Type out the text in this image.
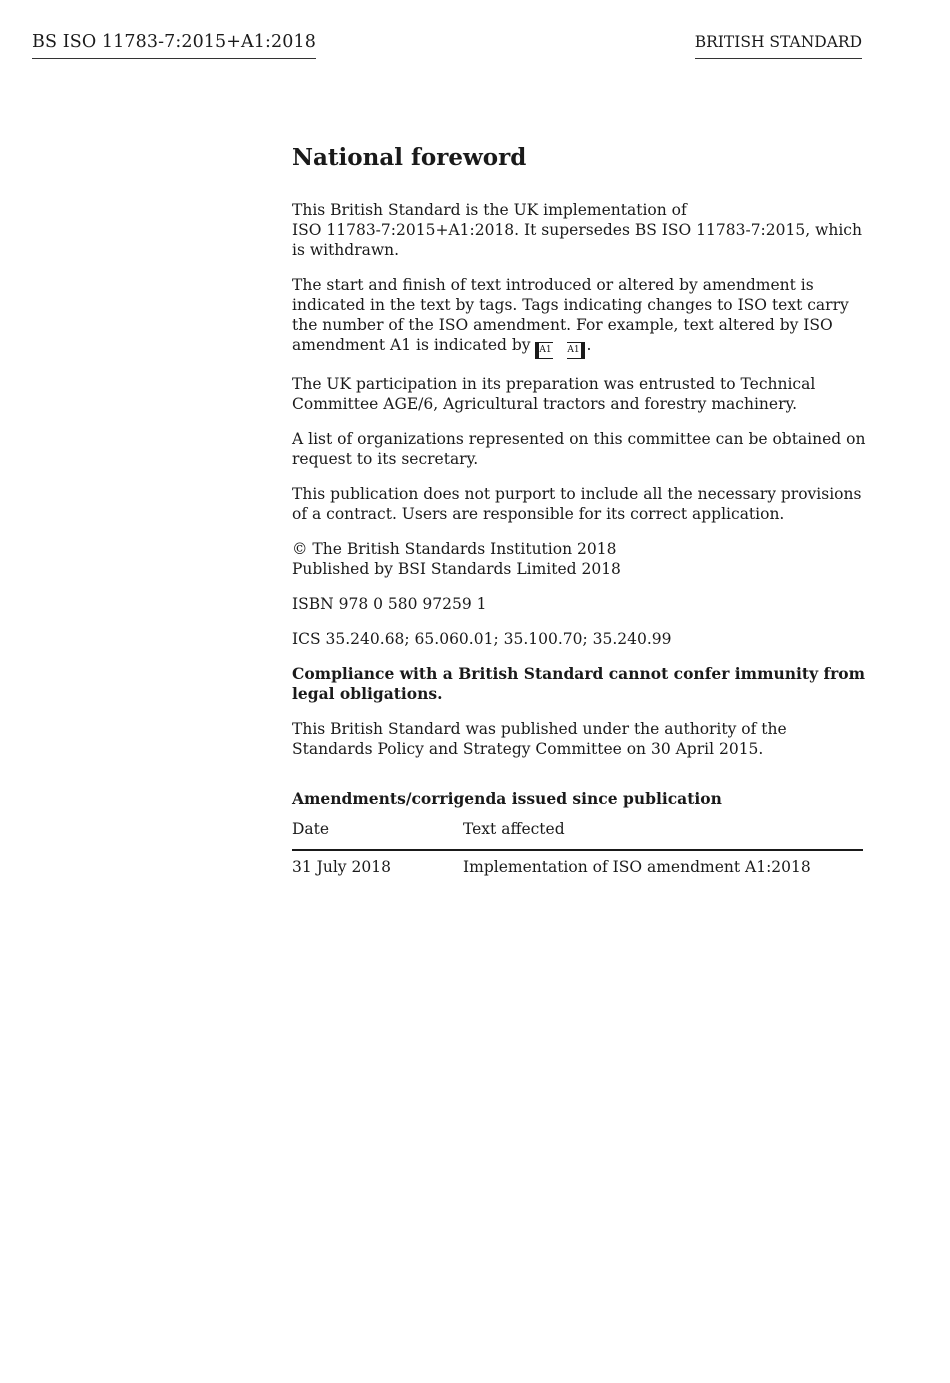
BS ISO 11783-7:2015+A1:2018	BRITISH STANDARD
National foreword
This British Standard is the UK implementation of
ISO 11783-7:2015+A1:2018. It supersedes BS ISO 11783-7:2015, which
is withdrawn.
The start and finish of text introduced or altered by amendment is
indicated in the text by tags. Tags indicating changes to ISO text carry
the number of the ISO amendment. For example, text altered by ISO
amendment A1 is indicated by A1 A1 .
The UK participation in its preparation was entrusted to Technical
Committee AGE/6, Agricultural tractors and forestry machinery.
A list of organizations represented on this committee can be obtained on
request to its secretary.
This publication does not purport to include all the necessary provisions
of a contract. Users are responsible for its correct application.
© The British Standards Institution 2018
Published by BSI Standards Limited 2018
ISBN 978 0 580 97259 1
ICS 35.240.68; 65.060.01; 35.100.70; 35.240.99
Compliance with a British Standard cannot confer immunity from
legal obligations.
This British Standard was published under the authority of the
Standards Policy and Strategy Committee on 30 April 2015.
Amendments/corrigenda issued since publication
Date	Text affected
31 July 2018	Implementation of ISO amendment A1:2018
